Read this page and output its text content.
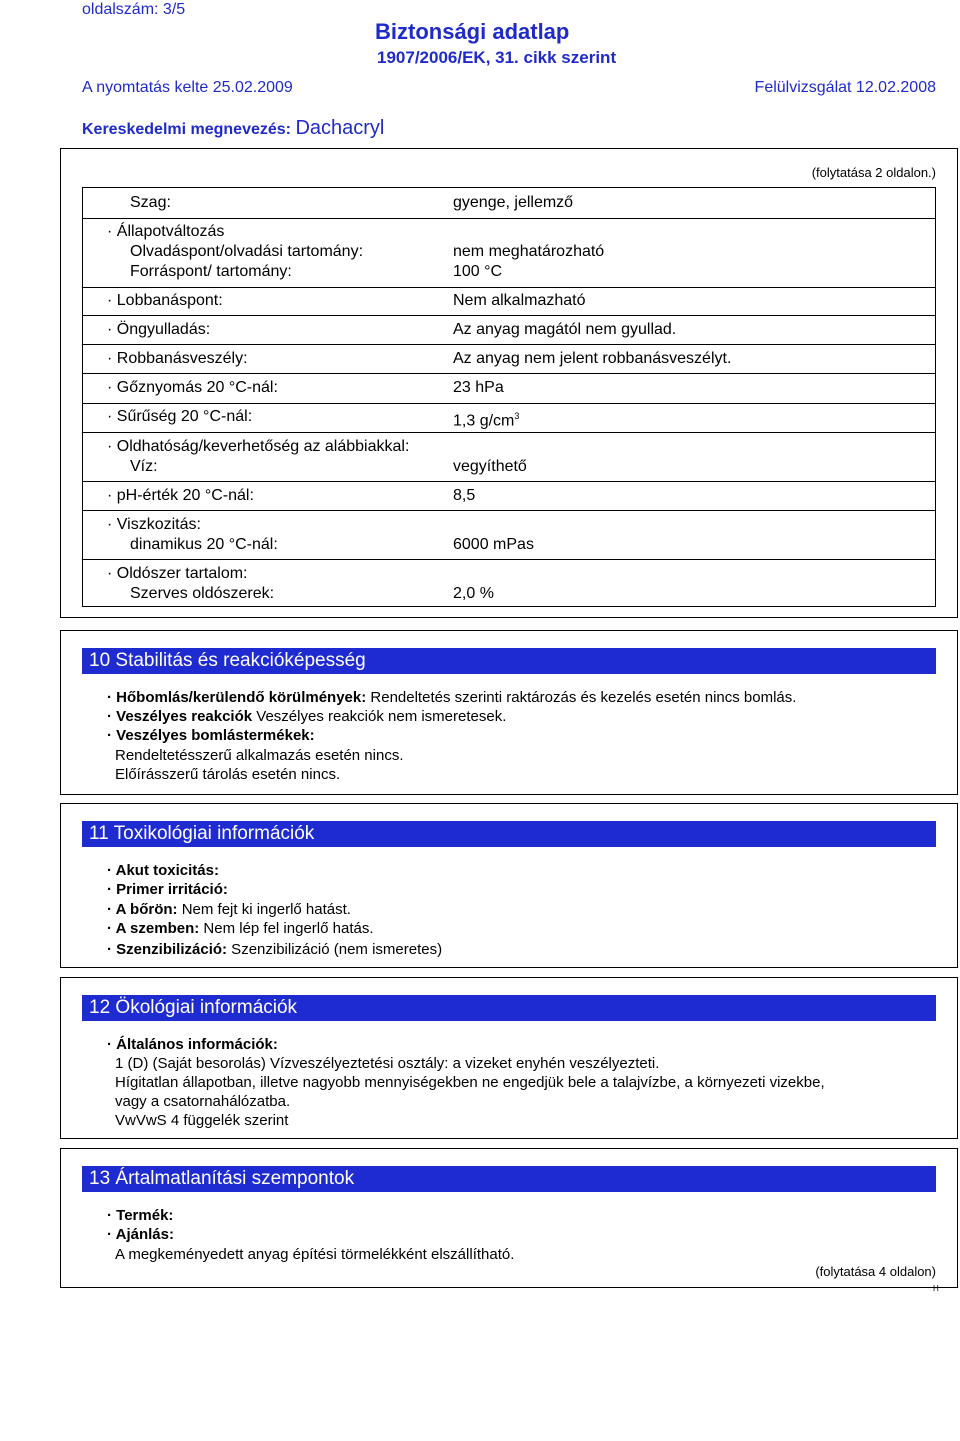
oldalszám: 3/5
Biztonsági adatlap
1907/2006/EK, 31. cikk szerint
A nyomtatás kelte 25.02.2009	Felülvizsgálat 12.02.2008
Kereskedelmi megnevezés: Dachacryl
(folytatása 2 oldalon.)
Szag:	gyenge, jellemző
· Állapotváltozás
Olvadáspont/olvadási tartomány:	nem meghatározható
Forráspont/ tartomány:	100 °C
· Lobbanáspont:	Nem alkalmazható
· Öngyulladás:	Az anyag magától nem gyullad.
· Robbanásveszély:	Az anyag nem jelent robbanásveszélyt.
· Gőznyomás 20 °C-nál:	23 hPa
· Sűrűség 20 °C-nál:	1,3 $g/cm^3$
· Oldhatóság/keverhetőség az alábbiakkal:
Víz:	vegyíthető
· pH-érték 20 °C-nál:	8,5
· Viszkozitás:
dinamikus 20 °C-nál:	6000 mPas
· Oldószer tartalom:
Szerves oldószerek:	2,0 %
10 Stabilitás és reakcióképesség
· Hőbomlás/kerülendő körülmények: Rendeltetés szerinti raktározás és kezelés esetén nincs bomlás.
· Veszélyes reakciók Veszélyes reakciók nem ismeretesek.
· Veszélyes bomlástermékek:
Rendeltetésszerű alkalmazás esetén nincs.
Előírásszerű tárolás esetén nincs.
11 Toxikológiai információk
· Akut toxicitás:
· Primer irritáció:
· A bőrön: Nem fejt ki ingerlő hatást.
· A szemben: Nem lép fel ingerlő hatás.
· Szenzibilizáció: Szenzibilizáció (nem ismeretes)
12 Ökológiai információk
· Általános információk:
1 (D) (Saját besorolás) Vízveszélyeztetési osztály: a vizeket enyhén veszélyezteti.
Hígitatlan állapotban, illetve nagyobb mennyiségekben ne engedjük bele a talajvízbe, a környezeti vizekbe,
vagy a csatornahálózatba.
VwVwS 4 függelék szerint
13 Ártalmatlanítási szempontok
· Termék:
· Ajánlás:
A megkeményedett anyag építési törmelékként elszállítható.
(folytatása 4 oldalon)
H
